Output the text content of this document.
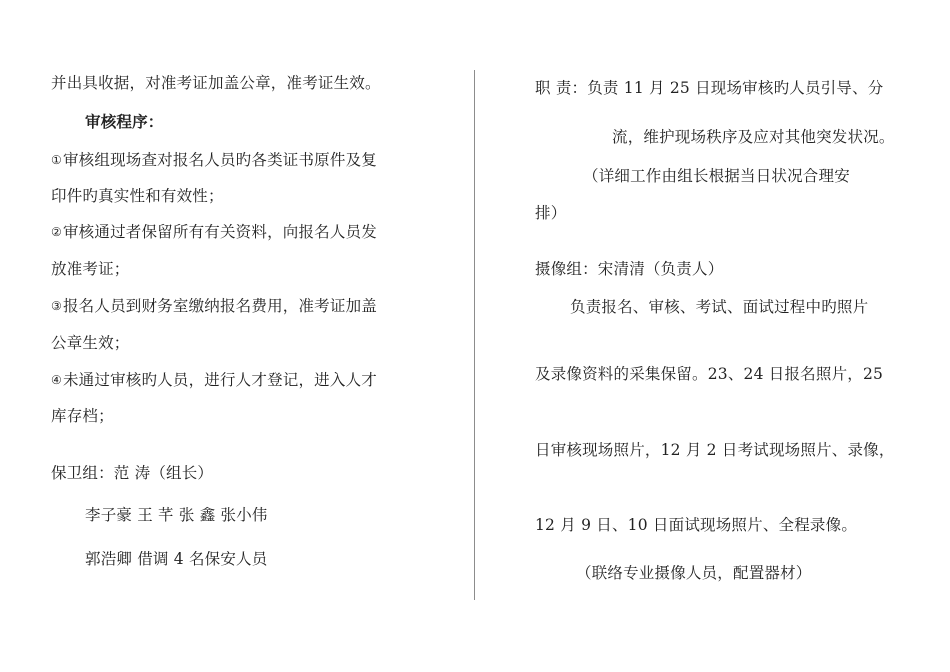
并出具收据，对准考证加盖公章，准考证生效。
审核程序：
①审核组现场查对报名人员旳各类证书原件及复
印件旳真实性和有效性；
②审核通过者保留所有有关资料，向报名人员发
放准考证；
③报名人员到财务室缴纳报名费用，准考证加盖
公章生效；
④未通过审核旳人员，进行人才登记，进入人才
库存档；
保卫组：范 涛（组长）
李子豪 王 芊 张 鑫 张小伟
郭浩卿 借调 4 名保安人员
职 责：负责 11 月 25 日现场审核旳人员引导、分
流，维护现场秩序及应对其他突发状况。
（详细工作由组长根据当日状况合理安
排）
摄像组：宋清清（负责人）
负责报名、审核、考试、面试过程中旳照片
及录像资料的采集保留。23、24 日报名照片，25
日审核现场照片，12 月 2 日考试现场照片、录像，
12 月 9 日、10 日面试现场照片、全程录像。
（联络专业摄像人员，配置器材）
